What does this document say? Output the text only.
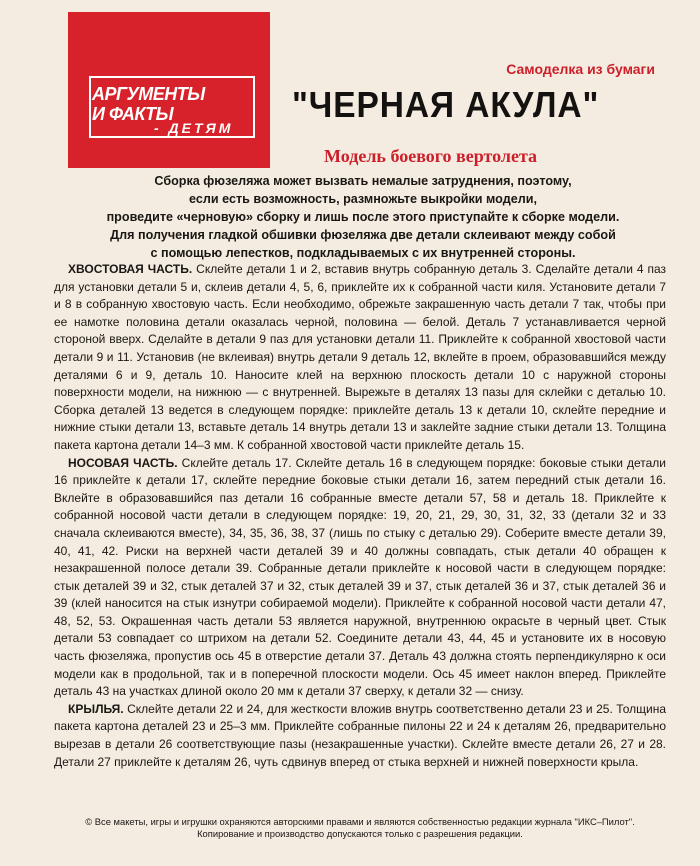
АРГУМЕНТЫ
И ФАКТЫ
- ДЕТЯМ
Самоделка из бумаги
"ЧЕРНАЯ АКУЛА"
Модель боевого вертолета
Сборка фюзеляжа может вызвать немалые затруднения, поэтому,
если есть возможность, размножьте выкройки модели,
проведите «черновую» сборку и лишь после этого приступайте к сборке модели.
Для получения гладкой обшивки фюзеляжа две детали склеивают между собой
с помощью лепестков, подкладываемых с их внутренней стороны.

ХВОСТОВАЯ ЧАСТЬ. Склейте детали 1 и 2, вставив внутрь собранную деталь 3. Сделайте детали 4 паз для установки детали 5 и, склеив детали 4, 5, 6, приклейте их к собранной части киля. Установите детали 7 и 8 в собранную хвостовую часть. Если необходимо, обрежьте закрашенную часть детали 7 так, чтобы при ее намотке половина детали оказалась черной, половина — белой. Деталь 7 устанавливается черной стороной вверх. Сделайте в детали 9 паз для установки детали 11. Приклейте к собранной хвостовой части детали 9 и 11. Установив (не вклеивая) внутрь детали 9 деталь 12, вклейте в проем, образовавшийся между деталями 6 и 9, деталь 10. Наносите клей на верхнюю плоскость детали 10 с наружной стороны поверхности модели, на нижнюю — с внутренней. Вырежьте в деталях 13 пазы для склейки с деталью 10. Сборка деталей 13 ведется в следующем порядке: приклейте деталь 13 к детали 10, склейте передние и нижние стыки детали 13, вставьте деталь 14 внутрь детали 13 и заклейте задние стыки детали 13. Толщина пакета картона детали 14–3 мм. К собранной хвостовой части приклейте деталь 15.

НОСОВАЯ ЧАСТЬ. Склейте деталь 17. Склейте деталь 16 в следующем порядке: боковые стыки детали 16 приклейте к детали 17, склейте передние боковые стыки детали 16, затем передний стык детали 16. Вклейте в образовавшийся паз детали 16 собранные вместе детали 57, 58 и деталь 18. Приклейте к собранной носовой части детали в следующем порядке: 19, 20, 21, 29, 30, 31, 32, 33 (детали 32 и 33 сначала склеиваются вместе), 34, 35, 36, 38, 37 (лишь по стыку с деталью 29). Соберите вместе детали 39, 40, 41, 42. Риски на верхней части деталей 39 и 40 должны совпадать, стык детали 40 обращен к незакрашенной полосе детали 39. Собранные детали приклейте к носовой части в следующем порядке: стык деталей 39 и 32, стык деталей 37 и 32, стык деталей 39 и 37, стык деталей 36 и 37, стык деталей 36 и 39 (клей наносится на стык изнутри собираемой модели). Приклейте к собранной носовой части детали 47, 48, 52, 53. Окрашенная часть детали 53 является наружной, внутреннюю окрасьте в черный цвет. Стык детали 53 совпадает со штрихом на детали 52. Соедините детали 43, 44, 45 и установите их в носовую часть фюзеляжа, пропустив ось 45 в отверстие детали 37. Деталь 43 должна стоять перпендикулярно к оси модели как в продольной, так и в поперечной плоскости модели. Ось 45 имеет наклон вперед. Приклейте деталь 43 на участках длиной около 20 мм к детали 37 сверху, к детали 32 — снизу.

КРЫЛЬЯ. Склейте детали 22 и 24, для жесткости вложив внутрь соответственно детали 23 и 25. Толщина пакета картона деталей 23 и 25–3 мм. Приклейте собранные пилоны 22 и 24 к деталям 26, предварительно вырезав в детали 26 соответствующие пазы (незакрашенные участки). Склейте вместе детали 26, 27 и 28. Детали 27 приклейте к деталям 26, чуть сдвинув вперед от стыка верхней и нижней поверхности крыла.

© Все макеты, игры и игрушки охраняются авторскими правами и являются собственностью редакции журнала "ИКС–Пилот".
Копирование и производство допускаются только с разрешения редакции.
